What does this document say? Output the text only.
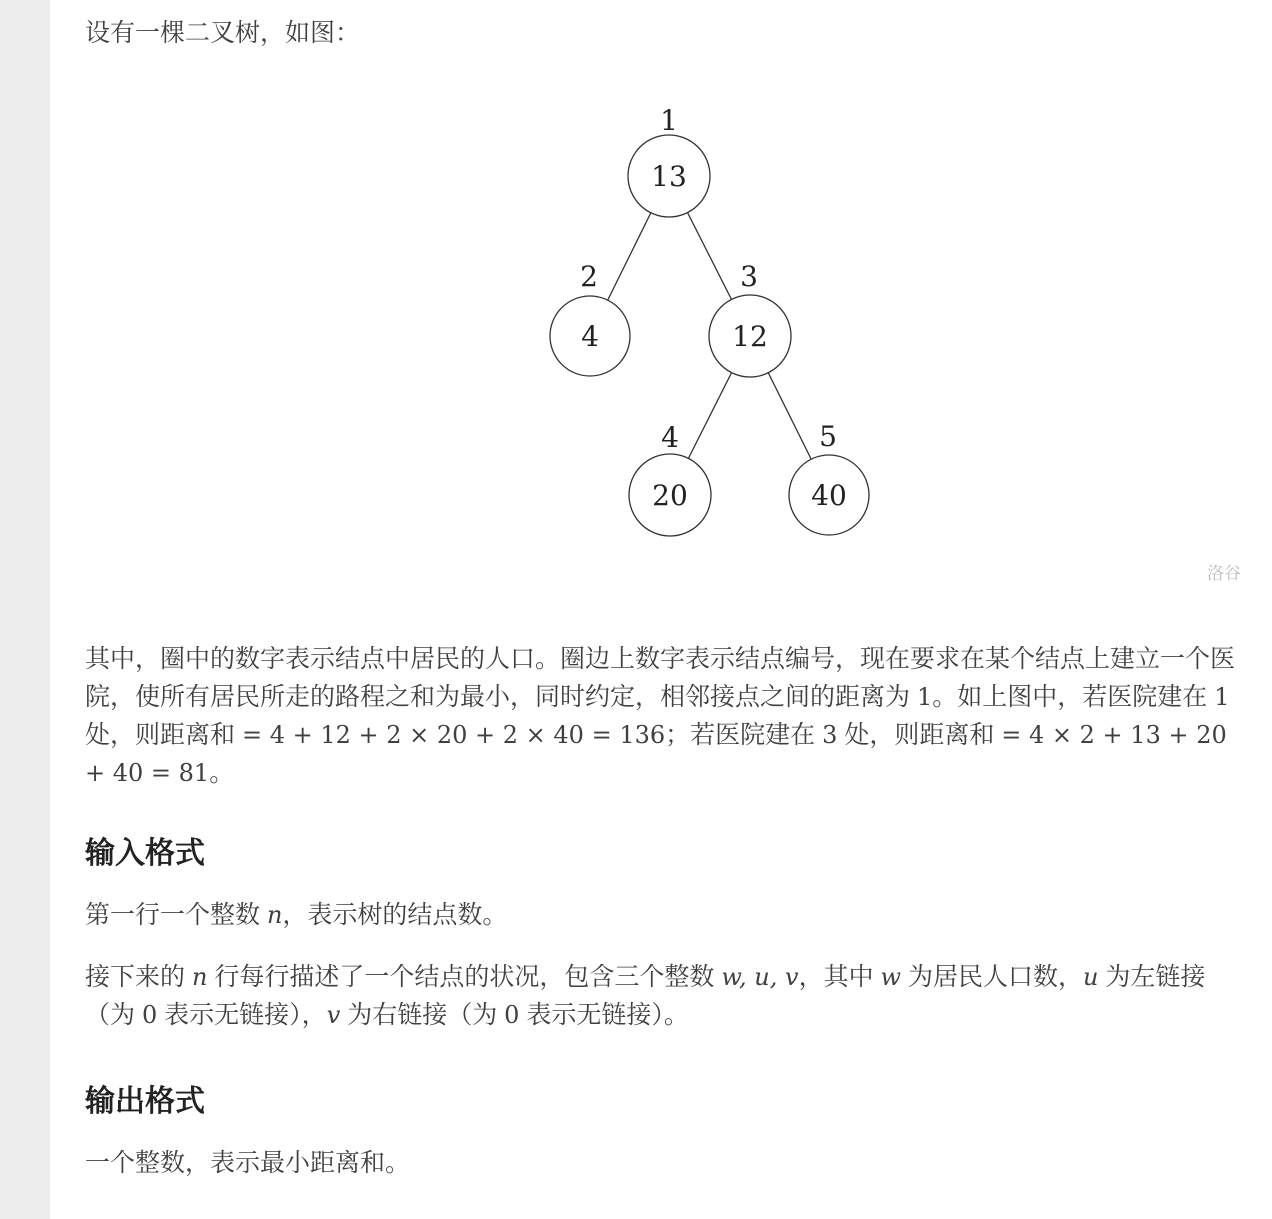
设有一棵二叉树，如图：

13
1
4
2
12
3
20
4
40
5
洛谷

其中，圈中的数字表示结点中居民的人口。圈边上数字表示结点编号，现在要求在某个结点上建立一个医院，使所有居民所走的路程之和为最小，同时约定，相邻接点之间的距离为 1。如上图中，若医院建在 1 处，则距离和 = 4 + 12 + 2 × 20 + 2 × 40 = 136；若医院建在 3 处，则距离和 = 4 × 2 + 13 + 20 + 40 = 81。

输入格式

第一行一个整数 n，表示树的结点数。

接下来的 n 行每行描述了一个结点的状况，包含三个整数 w, u, v，其中 w 为居民人口数，u 为左链接（为 0 表示无链接），v 为右链接（为 0 表示无链接）。

输出格式

一个整数，表示最小距离和。
